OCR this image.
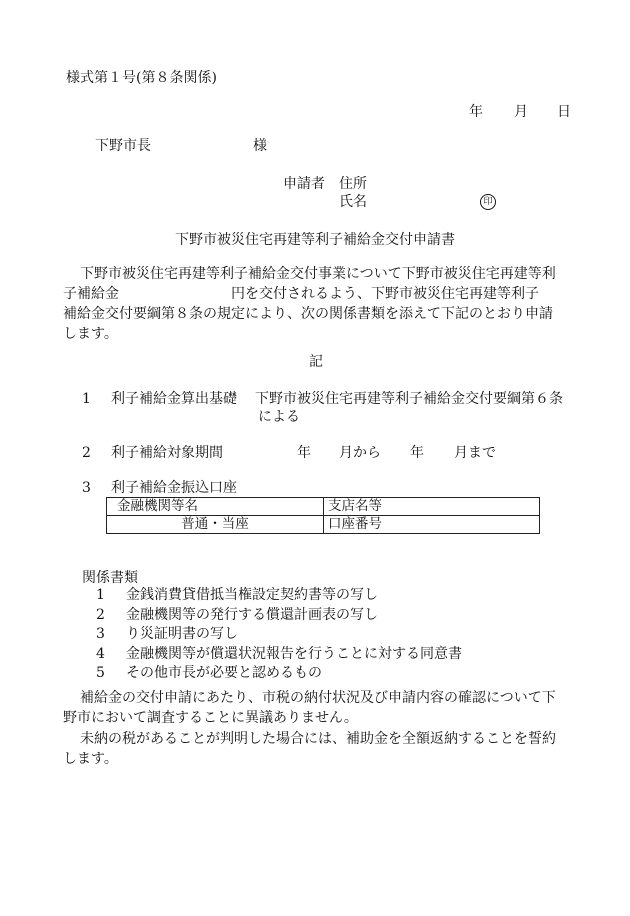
様式第１号(第８条関係)
年 月 日
下野市長	様
申請者 住所
氏名	印
下野市被災住宅再建等利子補給金交付申請書
下野市被災住宅再建等利子補給金交付事業について下野市被災住宅再建等利
子補給金　　　　　　　　円を交付されるよう、下野市被災住宅再建等利子
補給金交付要綱第８条の規定により、次の関係書類を添えて下記のとおり申請
します。
記
1 利子補給金算出基礎 下野市被災住宅再建等利子補給金交付要綱第６条
による
2 利子補給対象期間	年 月から 年 月まで
3 利子補給金振込口座
金融機関等名	支店名等
普通・当座	口座番号
関係書類
1 金銭消費貸借抵当権設定契約書等の写し
2 金融機関等の発行する償還計画表の写し
3 り災証明書の写し
4 金融機関等が償還状況報告を行うことに対する同意書
5 その他市長が必要と認めるもの
補給金の交付申請にあたり、市税の納付状況及び申請内容の確認について下
野市において調査することに異議ありません。
未納の税があることが判明した場合には、補助金を全額返納することを誓約
します。
